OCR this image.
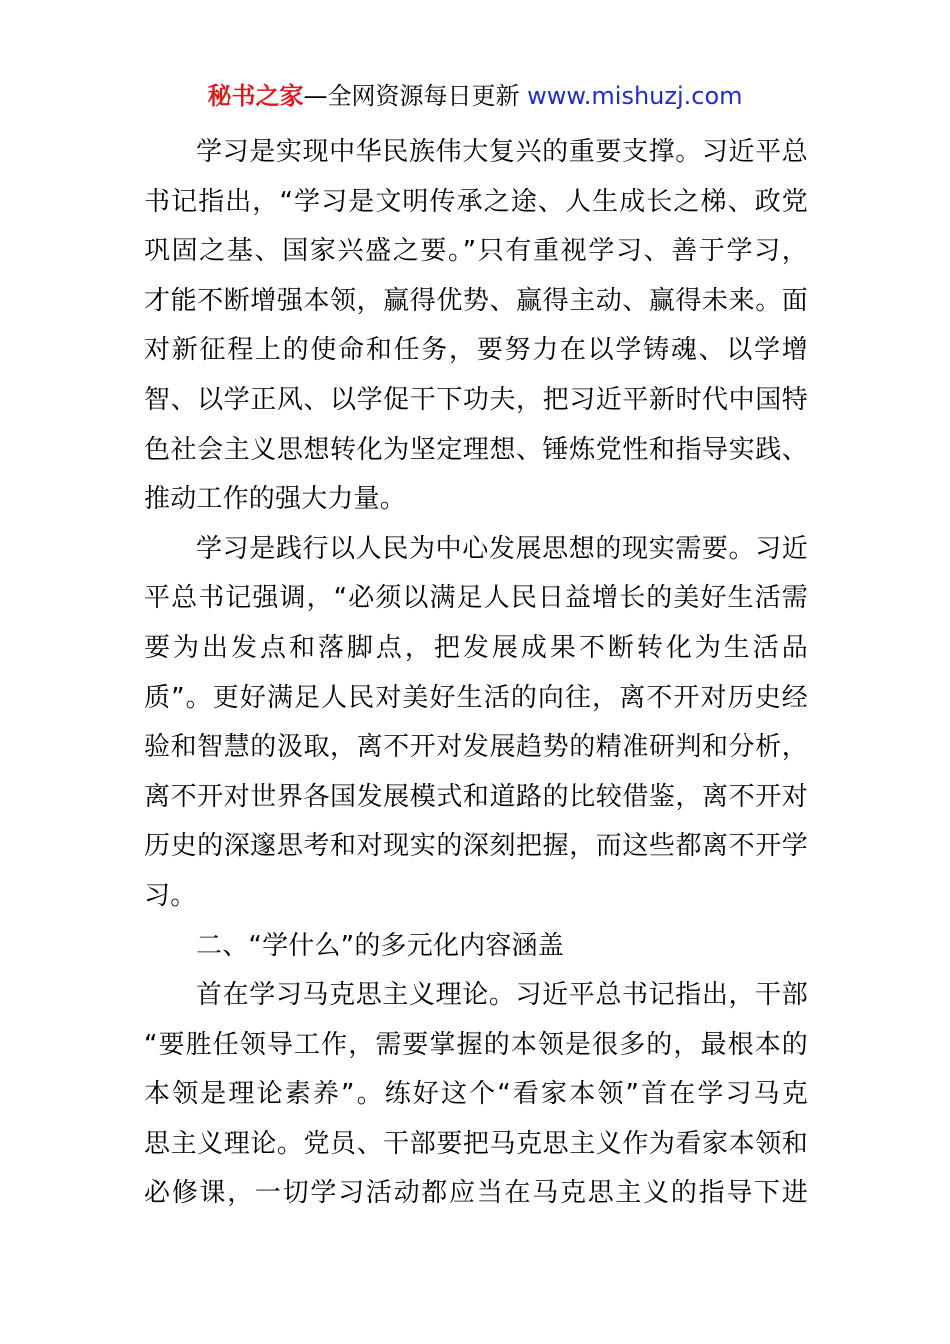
秘书之家—全网资源每日更新 www.mishuzj.com
学习是实现中华民族伟大复兴的重要支撑。习近平总
书记指出，“学习是文明传承之途、人生成长之梯、政党
巩固之基、国家兴盛之要。”只有重视学习、善于学习，
才能不断增强本领，赢得优势、赢得主动、赢得未来。面
对新征程上的使命和任务，要努力在以学铸魂、以学增
智、以学正风、以学促干下功夫，把习近平新时代中国特
色社会主义思想转化为坚定理想、锤炼党性和指导实践、
推动工作的强大力量。
学习是践行以人民为中心发展思想的现实需要。习近
平总书记强调，“必须以满足人民日益增长的美好生活需
要为出发点和落脚点，把发展成果不断转化为生活品
质”。更好满足人民对美好生活的向往，离不开对历史经
验和智慧的汲取，离不开对发展趋势的精准研判和分析，
离不开对世界各国发展模式和道路的比较借鉴，离不开对
历史的深邃思考和对现实的深刻把握，而这些都离不开学
习。
二、“学什么”的多元化内容涵盖
首在学习马克思主义理论。习近平总书记指出，干部
“要胜任领导工作，需要掌握的本领是很多的，最根本的
本领是理论素养”。练好这个“看家本领”首在学习马克
思主义理论。党员、干部要把马克思主义作为看家本领和
必修课，一切学习活动都应当在马克思主义的指导下进
